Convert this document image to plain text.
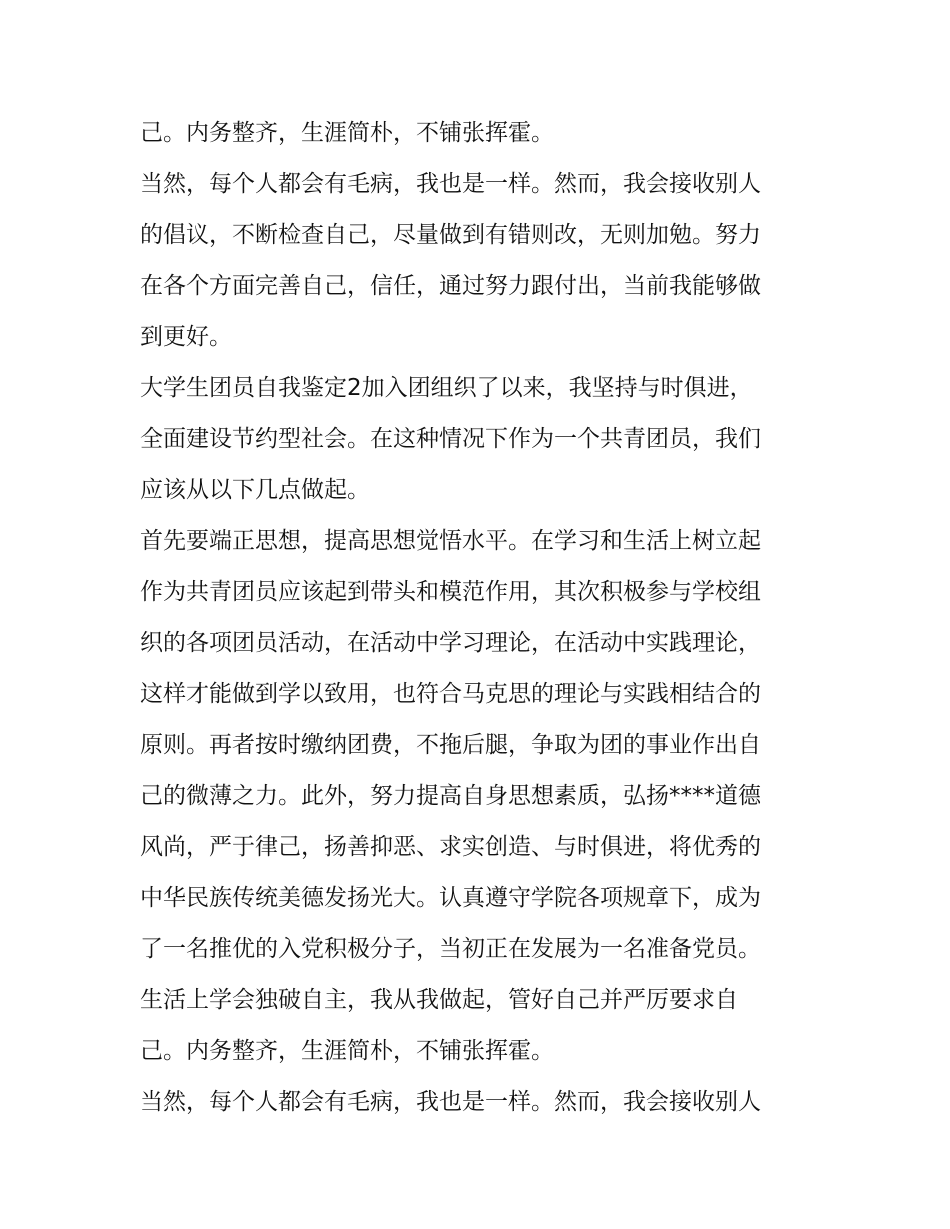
己。内务整齐，生涯简朴，不铺张挥霍。
当然，每个人都会有毛病，我也是一样。然而，我会接收别人
的倡议，不断检查自己，尽量做到有错则改，无则加勉。努力
在各个方面完善自己，信任，通过努力跟付出，当前我能够做
到更好。
大学生团员自我鉴定2加入团组织了以来，我坚持与时俱进，
全面建设节约型社会。在这种情况下作为一个共青团员，我们
应该从以下几点做起。
首先要端正思想，提高思想觉悟水平。在学习和生活上树立起
作为共青团员应该起到带头和模范作用，其次积极参与学校组
织的各项团员活动，在活动中学习理论，在活动中实践理论，
这样才能做到学以致用，也符合马克思的理论与实践相结合的
原则。再者按时缴纳团费，不拖后腿，争取为团的事业作出自
己的微薄之力。此外，努力提高自身思想素质，弘扬****道德
风尚，严于律己，扬善抑恶、求实创造、与时俱进，将优秀的
中华民族传统美德发扬光大。认真遵守学院各项规章下，成为
了一名推优的入党积极分子，当初正在发展为一名准备党员。
生活上学会独破自主，我从我做起，管好自己并严厉要求自
己。内务整齐，生涯简朴，不铺张挥霍。
当然，每个人都会有毛病，我也是一样。然而，我会接收别人
